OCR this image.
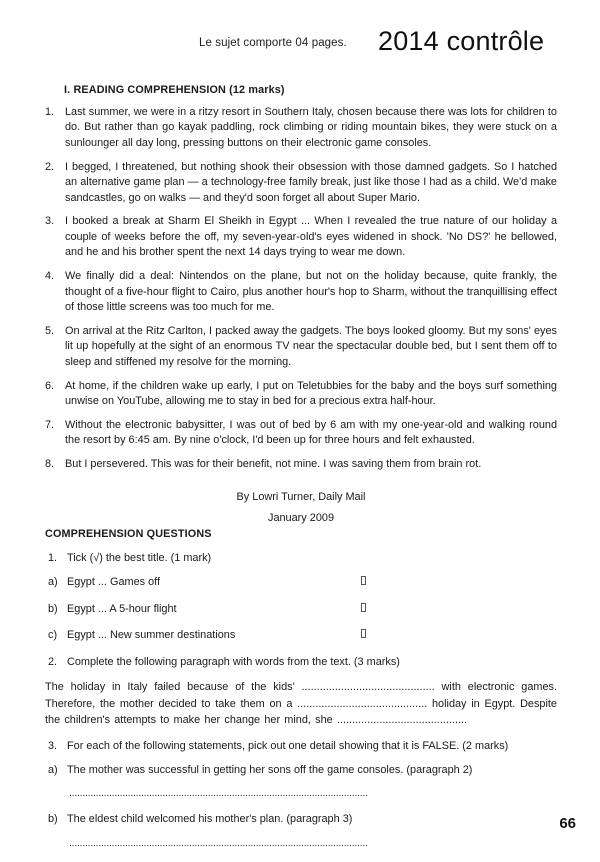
Le sujet comporte 04 pages. 2014 contrôle
I. READING COMPREHENSION (12 marks)
1.	Last summer, we were in a ritzy resort in Southern Italy, chosen because there was lots for children to do. But rather than go kayak paddling, rock climbing or riding mountain bikes, they were stuck on a sunlounger all day long, pressing buttons on their electronic game consoles.
2.	I begged, I threatened, but nothing shook their obsession with those damned gadgets. So I hatched an alternative game plan — a technology-free family break, just like those I had as a child. We'd make sandcastles, go on walks — and they'd soon forget all about Super Mario.
3.	I booked a break at Sharm El Sheikh in Egypt ... When I revealed the true nature of our holiday a couple of weeks before the off, my seven-year-old's eyes widened in shock. 'No DS?' he bellowed, and he and his brother spent the next 14 days trying to wear me down.
4.	We finally did a deal: Nintendos on the plane, but not on the holiday because, quite frankly, the thought of a five-hour flight to Cairo, plus another hour's hop to Sharm, without the tranquillising effect of those little screens was too much for me.
5.	On arrival at the Ritz Carlton, I packed away the gadgets. The boys looked gloomy. But my sons' eyes lit up hopefully at the sight of an enormous TV near the spectacular double bed, but I sent them off to sleep and stiffened my resolve for the morning.
6.	At home, if the children wake up early, I put on Teletubbies for the baby and the boys surf something unwise on YouTube, allowing me to stay in bed for a precious extra half-hour.
7.	Without the electronic babysitter, I was out of bed by 6 am with my one-year-old and walking round the resort by 6:45 am. By nine o'clock, I'd been up for three hours and felt exhausted.
8.	But I persevered. This was for their benefit, not mine. I was saving them from brain rot.
By Lowri Turner, Daily Mail
January 2009
COMPREHENSION QUESTIONS
1. Tick (√) the best title. (1 mark)
a) Egypt ... Games off
b) Egypt ... A 5-hour flight
c) Egypt ... New summer destinations
2. Complete the following paragraph with words from the text. (3 marks)
The holiday in Italy failed because of the kids' ............................................ with electronic games. Therefore, the mother decided to take them on a ........................................... holiday in Egypt. Despite the children's attempts to make her change her mind, she ...........................................
3. For each of the following statements, pick out one detail showing that it is FALSE. (2 marks)
a) The mother was successful in getting her sons off the game consoles. (paragraph 2)
................................................................................................................
b) The eldest child welcomed his mother's plan. (paragraph 3)
................................................................................................................
66
